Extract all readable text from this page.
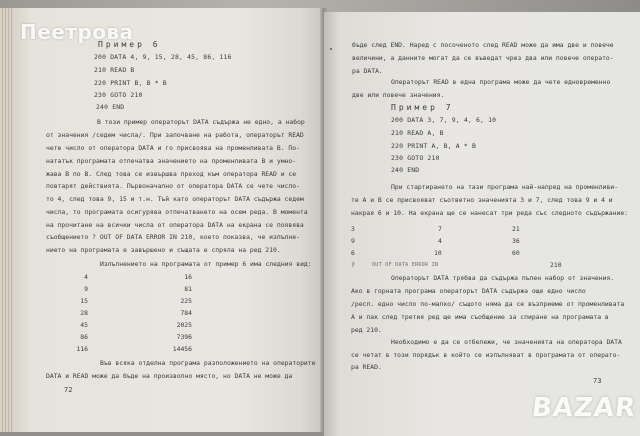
Пример 6
200 DATA 4, 9, 15, 28, 45, 86, 116
210 READ B
220 PRINT B, B * B
230 GOTO 210
240 END
В този пример операторът DATA съдържа не едно, а набор
от значения /седем числа/. При започване на работа, операторът READ
чете число от оператора DATA и го присвоява на променливата B. По-
нататък програмата отпечатва значението на променливата B и умно-
жава B по B. След това се извършва преход към оператора READ и се
повтарят действията. Първоначално от оператора DATA се чете число-
то 4, след това 9, 15 и т.н. Тъй като операторът DATA съдържа седем
числа, то програмата осигурява отпечатването на осем реда. В момента
на прочитане на всички числа от оператора DATA на екрана се появява
съобщението ? OUT OF DATA ERROR IN 210, което показва, че изпълне-
нието на програмата е завършено и същата е спряла на ред 210.
Изпълнението на програмата от пример 6 има следния вид:
4	16
9	81
15	225
28	784
45	2025
86	7396
116	14456
Във всяка отделна програма разположението на операторите
DATA и READ може да бъде на произволно място, но DATA не може да
72
бъде след END. Наред с посоченото след READ може да има две и повече
величини, а данните могат да се въведат чрез два или повече операто-
ра DATA.
Операторът READ в една програма може да чете едновременно
две или повече значения.
Пример 7
200 DATA 3, 7, 9, 4, 6, 10
210 READ A, B
220 PRINT A, B, A * B
230 GOTO 210
240 END
При стартирането на тази програма най-напред на променливи-
те A и B се присвояват съответно значенията 3 и 7, след това 9 и 4 и
накрая 6 и 10. На екрана ще се нанесат три реда със следното съдържание:
3	7	21
9	4	36
6	10	60
?	OUT OF DATA ERROR IN	210
Операторът DATA трябва да съдържа пълен набор от значения.
Ако в горната програма операторът DATA съдържа още едно число
/респ. едно число по-малко/ същото няма да се възприеме от променливата
A и пак след третия ред ще има съобщение за спиране на програмата в
ред 210.
Необходимо е да се отбележи, че значенията на оператора DATA
се четат в този порядък в който се изпълняват в програмата от операто-
ра READ.
73
Пеетрова
BAZAR
